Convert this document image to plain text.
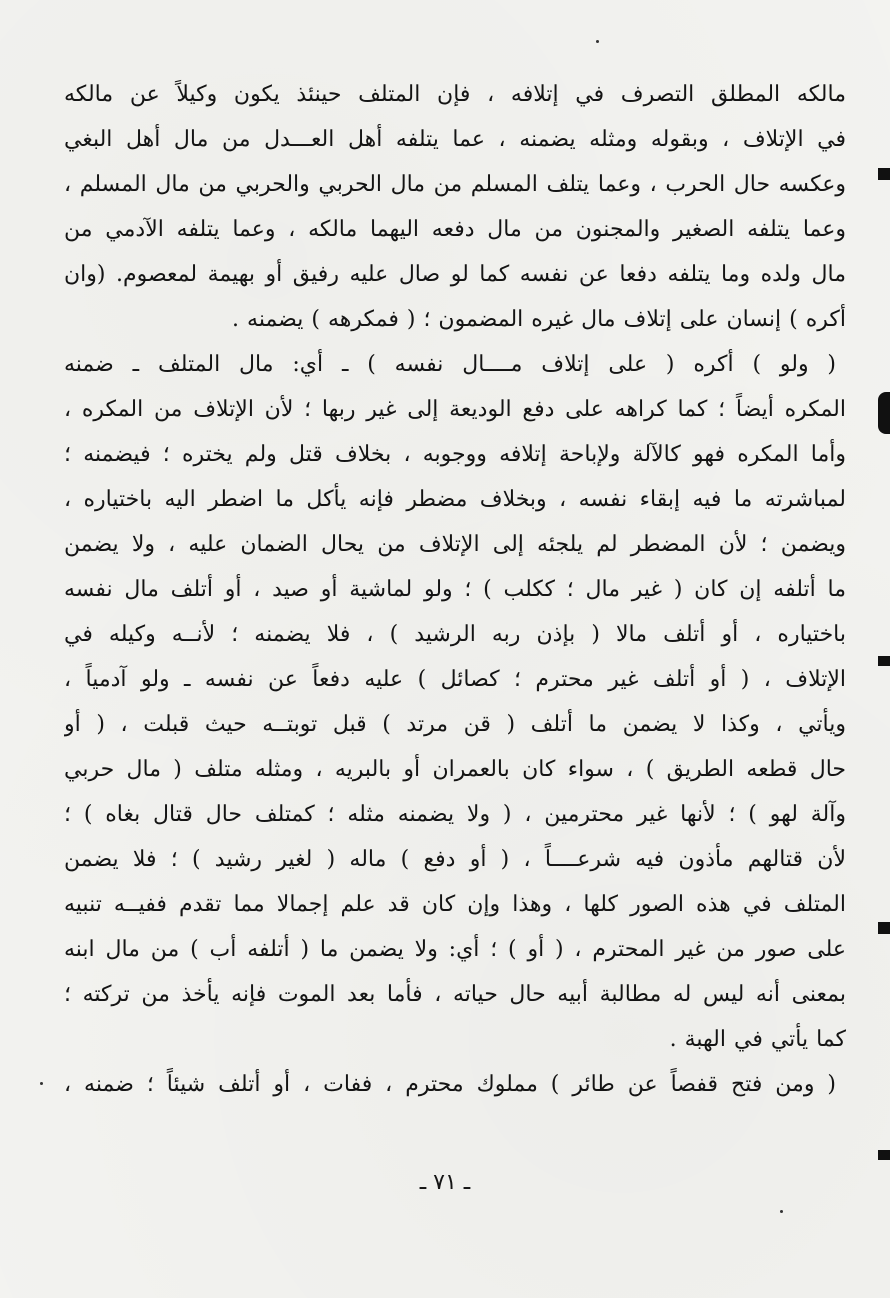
مالكه المطلق التصرف في إتلافه ، فإن المتلف حينئذ يكون وكيلاً عن مالكه
في الإتلاف ، وبقوله ومثله يضمنه ، عما يتلفه أهل العـــدل من مال أهل البغي
وعكسه حال الحرب ، وعما يتلف المسلم من مال الحربي والحربي من مال المسلم ،
وعما يتلفه الصغير والمجنون من مال دفعه اليهما مالكه ، وعما يتلفه الآدمي من
مال ولده وما يتلفه دفعا عن نفسه كما لو صال عليه رفيق أو بهيمة لمعصوم. (وان
أكره ) إنسان على إتلاف مال غيره المضمون ؛ ( فمكرهه ) يضمنه .
( ولو ) أكره ( على إتلاف مــــال نفسه ) ـ أي: مال المتلف ـ ضمنه
المكره أيضاً ؛ كما كراهه على دفع الوديعة إلى غير ربها ؛ لأن الإتلاف من المكره ،
وأما المكره فهو كالآلة ولإباحة إتلافه ووجوبه ، بخلاف قتل ولم يختره ؛ فيضمنه ؛
لمباشرته ما فيه إبقاء نفسه ، وبخلاف مضطر فإنه يأكل ما اضطر اليه باختياره ،
ويضمن ؛ لأن المضطر لم يلجئه إلى الإتلاف من يحال الضمان عليه ، ولا يضمن
ما أتلفه إن كان ( غير مال ؛ ككلب ) ؛ ولو لماشية أو صيد ، أو أتلف مال نفسه
باختياره ، أو أتلف مالا ( بإذن ربه الرشيد ) ، فلا يضمنه ؛ لأنــه وكيله في
الإتلاف ، ( أو أتلف غير محترم ؛ كصائل ) عليه دفعاً عن نفسه ـ ولو آدمياً ،
ويأتي ، وكذا لا يضمن ما أتلف ( قن مرتد ) قبل توبتــه حيث قبلت ، ( أو
حال قطعه الطريق ) ، سواء كان بالعمران أو بالبريه ، ومثله متلف ( مال حربي
وآلة لهو ) ؛ لأنها غير محترمين ، ( ولا يضمنه مثله ؛ كمتلف حال قتال بغاه ) ؛
لأن قتالهم مأذون فيه شرعــــاً ، ( أو دفع ) ماله ( لغير رشيد ) ؛ فلا يضمن
المتلف في هذه الصور كلها ، وهذا وإن كان قد علم إجمالا مما تقدم ففيــه تنبيه
على صور من غير المحترم ، ( أو ) ؛ أي: ولا يضمن ما ( أتلفه أب ) من مال ابنه
بمعنى أنه ليس له مطالبة أبيه حال حياته ، فأما بعد الموت فإنه يأخذ من تركته ؛
كما يأتي في الهبة .
( ومن فتح قفصاً عن طائر ) مملوك محترم ، ففات ، أو أتلف شيئاً ؛ ضمنه ،
ـ ٧١ ـ
